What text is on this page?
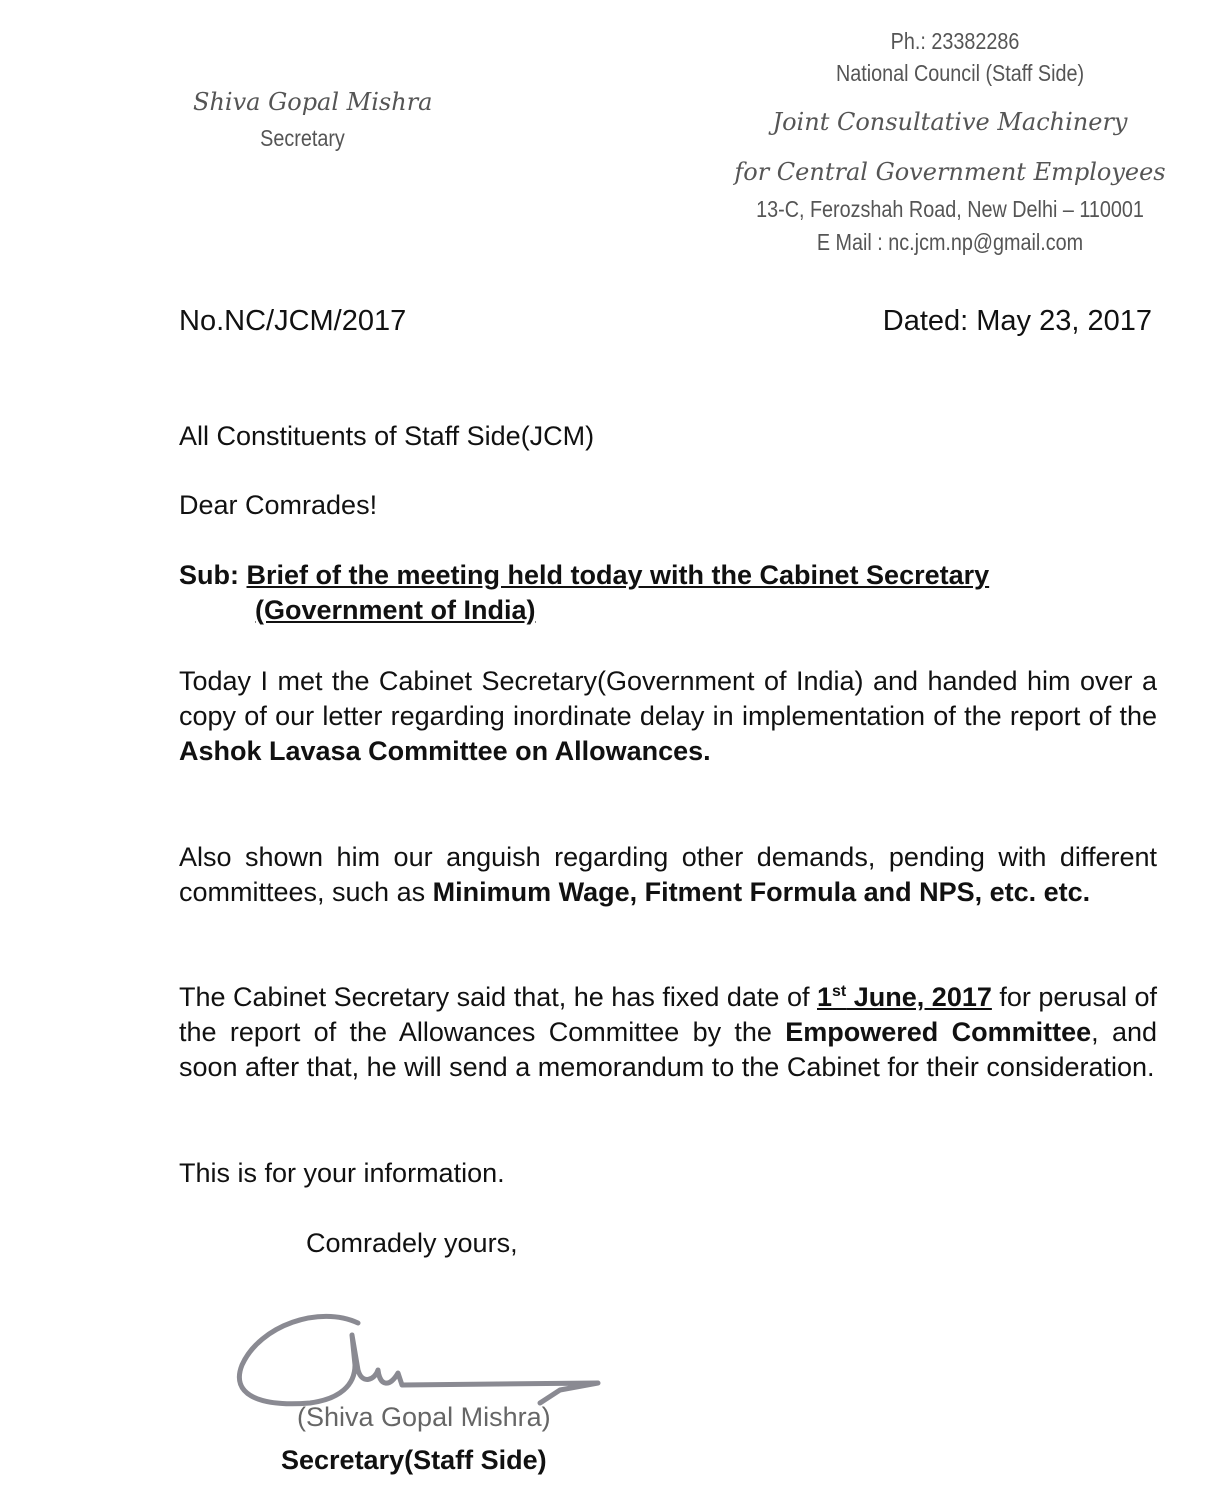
Shiva Gopal Mishra
Secretary
Ph.: 23382286
National Council (Staff Side)
Joint Consultative Machinery
for Central Government Employees
13-C, Ferozshah Road, New Delhi – 110001
E Mail : nc.jcm.np@gmail.com
No.NC/JCM/2017	Dated: May 23, 2017
All Constituents of Staff Side(JCM)
Dear Comrades!
Sub: Brief of the meeting held today with the Cabinet Secretary
(Government of India)
Today I met the Cabinet Secretary(Government of India) and handed him over a copy of our letter regarding inordinate delay in implementation of the report of the Ashok Lavasa Committee on Allowances.
Also shown him our anguish regarding other demands, pending with different committees, such as Minimum Wage, Fitment Formula and NPS, etc. etc.
The Cabinet Secretary said that, he has fixed date of 1st June, 2017 for perusal of the report of the Allowances Committee by the Empowered Committee, and soon after that, he will send a memorandum to the Cabinet for their consideration.
This is for your information.
Comradely yours,
(Shiva Gopal Mishra)
Secretary(Staff Side)
